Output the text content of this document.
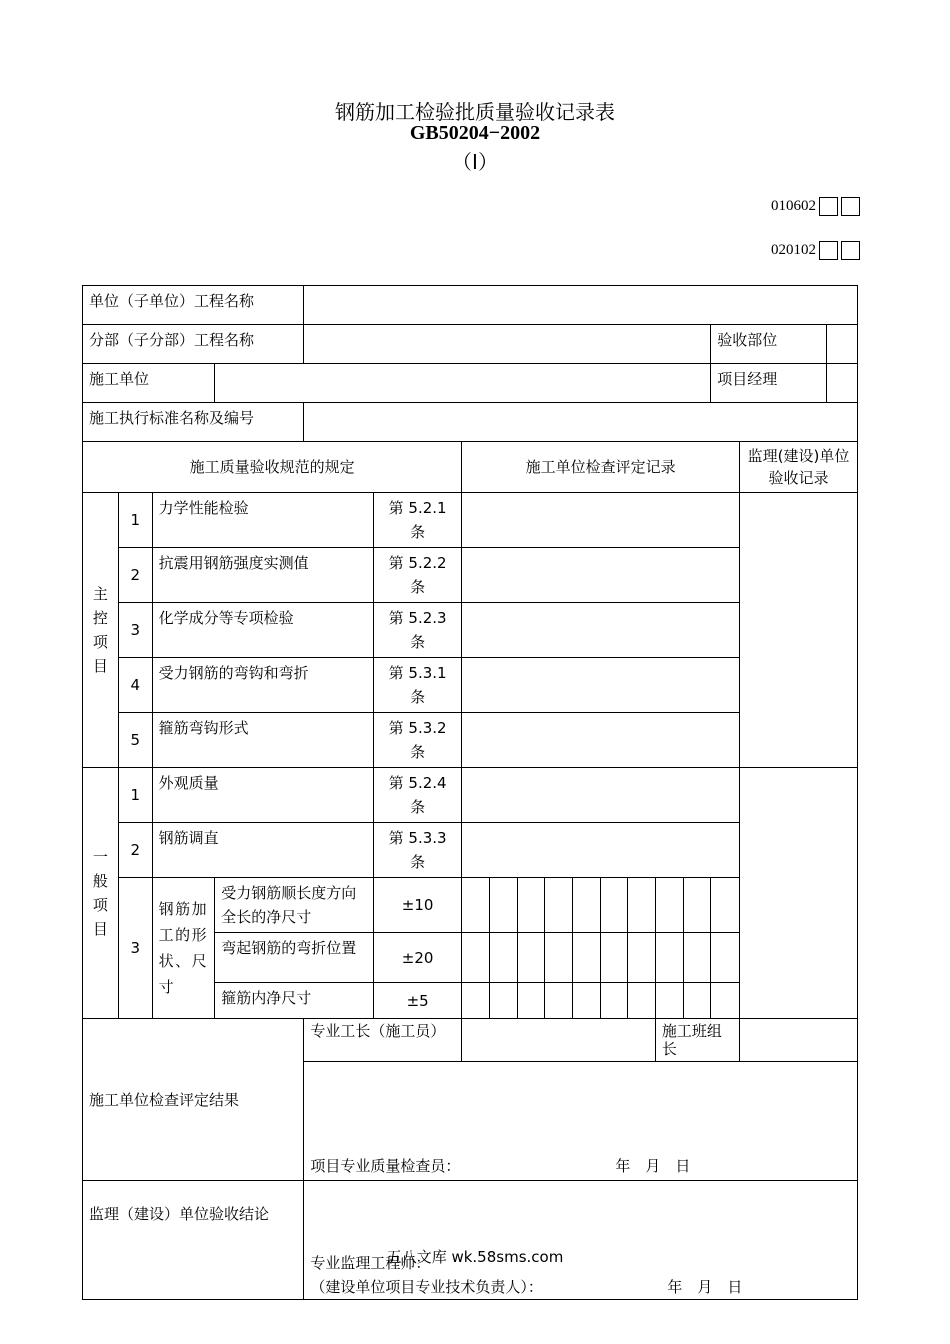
钢筋加工检验批质量验收记录表
GB50204−2002
（Ⅰ）
010602
020102
单位（子单位）工程名称																	
分部（子分部）工程名称															验收部位		
施工单位															项目经理		
施工执行标准名称及编号																	
施工质量验收规范的规定						施工单位检查评定记录										监理(建设)单位验收记录	
主控项目	1	力学性能检验			第 5.2.1 条												
	2	抗震用钢筋强度实测值			第 5.2.2 条												
	3	化学成分等专项检验			第 5.2.3 条												
	4	受力钢筋的弯钩和弯折			第 5.3.1 条												
	5	箍筋弯钩形式			第 5.3.2 条												
一般项目	1	外观质量			第 5.2.4 条												
	2	钢筋调直			第 5.3.3 条												
	3	钢筋加工的形状、尺寸	受力钢筋顺长度方向全长的净尺寸		±10												
			弯起钢筋的弯折位置		±20												
			箍筋内净尺寸		±5												
施工单位检查评定结果				专业工长（施工员）									施工班组长				

				项目专业质量检查员： 年　月　日													

监理（建设）单位验收结论				专业监理工程师：
（建设单位项目专业技术负责人）： 年　月　日													
五八文库 wk.58sms.com
